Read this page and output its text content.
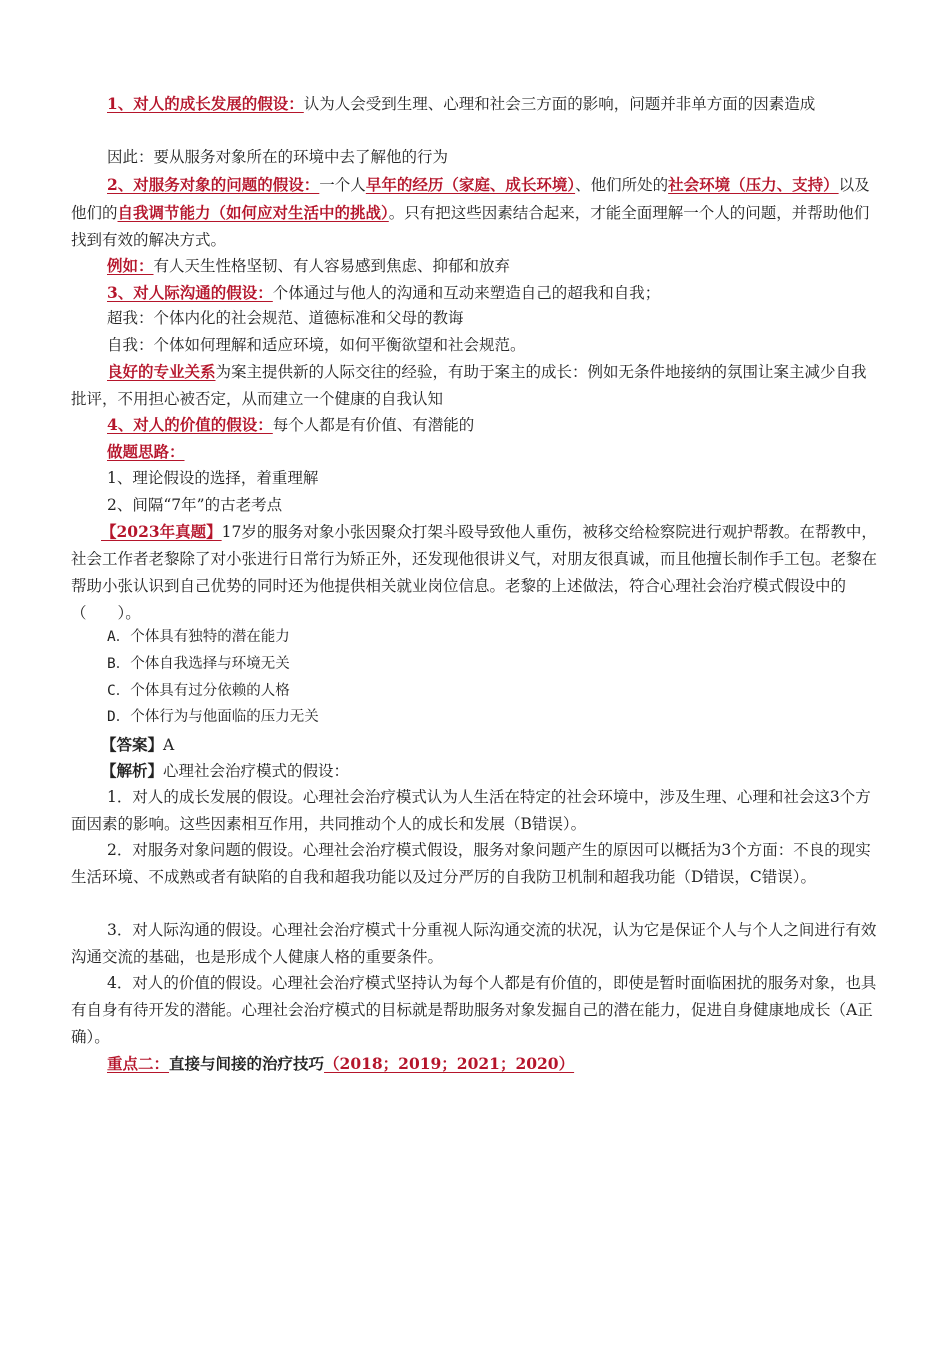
1、对人的成长发展的假设：认为人会受到生理、心理和社会三方面的影响，问题并非单方面的因素造成

因此：要从服务对象所在的环境中去了解他的行为

2、对服务对象的问题的假设：一个人早年的经历（家庭、成长环境）、他们所处的社会环境（压力、支持）以及他们的自我调节能力（如何应对生活中的挑战）。只有把这些因素结合起来，才能全面理解一个人的问题，并帮助他们找到有效的解决方式。

例如：有人天生性格坚韧、有人容易感到焦虑、抑郁和放弃

3、对人际沟通的假设：个体通过与他人的沟通和互动来塑造自己的超我和自我；

超我：个体内化的社会规范、道德标准和父母的教诲

自我：个体如何理解和适应环境，如何平衡欲望和社会规范。

良好的专业关系为案主提供新的人际交往的经验，有助于案主的成长：例如无条件地接纳的氛围让案主减少自我批评，不用担心被否定，从而建立一个健康的自我认知

4、对人的价值的假设：每个人都是有价值、有潜能的

做题思路：

1、理论假设的选择，着重理解

2、间隔“7年”的古老考点

【2023年真题】17岁的服务对象小张因聚众打架斗殴导致他人重伤，被移交给检察院进行观护帮教。在帮教中，社会工作者老黎除了对小张进行日常行为矫正外，还发现他很讲义气，对朋友很真诚，而且他擅长制作手工包。老黎在帮助小张认识到自己优势的同时还为他提供相关就业岗位信息。老黎的上述做法，符合心理社会治疗模式假设中的（　　）。

A．个体具有独特的潜在能力

B．个体自我选择与环境无关

C．个体具有过分依赖的人格

D．个体行为与他面临的压力无关

【答案】A

【解析】心理社会治疗模式的假设：

1．对人的成长发展的假设。心理社会治疗模式认为人生活在特定的社会环境中，涉及生理、心理和社会这3个方面因素的影响。这些因素相互作用，共同推动个人的成长和发展（B错误）。

2．对服务对象问题的假设。心理社会治疗模式假设，服务对象问题产生的原因可以概括为3个方面：不良的现实生活环境、不成熟或者有缺陷的自我和超我功能以及过分严厉的自我防卫机制和超我功能（D错误，C错误）。

3．对人际沟通的假设。心理社会治疗模式十分重视人际沟通交流的状况，认为它是保证个人与个人之间进行有效沟通交流的基础，也是形成个人健康人格的重要条件。

4．对人的价值的假设。心理社会治疗模式坚持认为每个人都是有价值的，即使是暂时面临困扰的服务对象，也具有自身有待开发的潜能。心理社会治疗模式的目标就是帮助服务对象发掘自己的潜在能力，促进自身健康地成长（A正确）。

重点二：直接与间接的治疗技巧（2018；2019；2021；2020）
